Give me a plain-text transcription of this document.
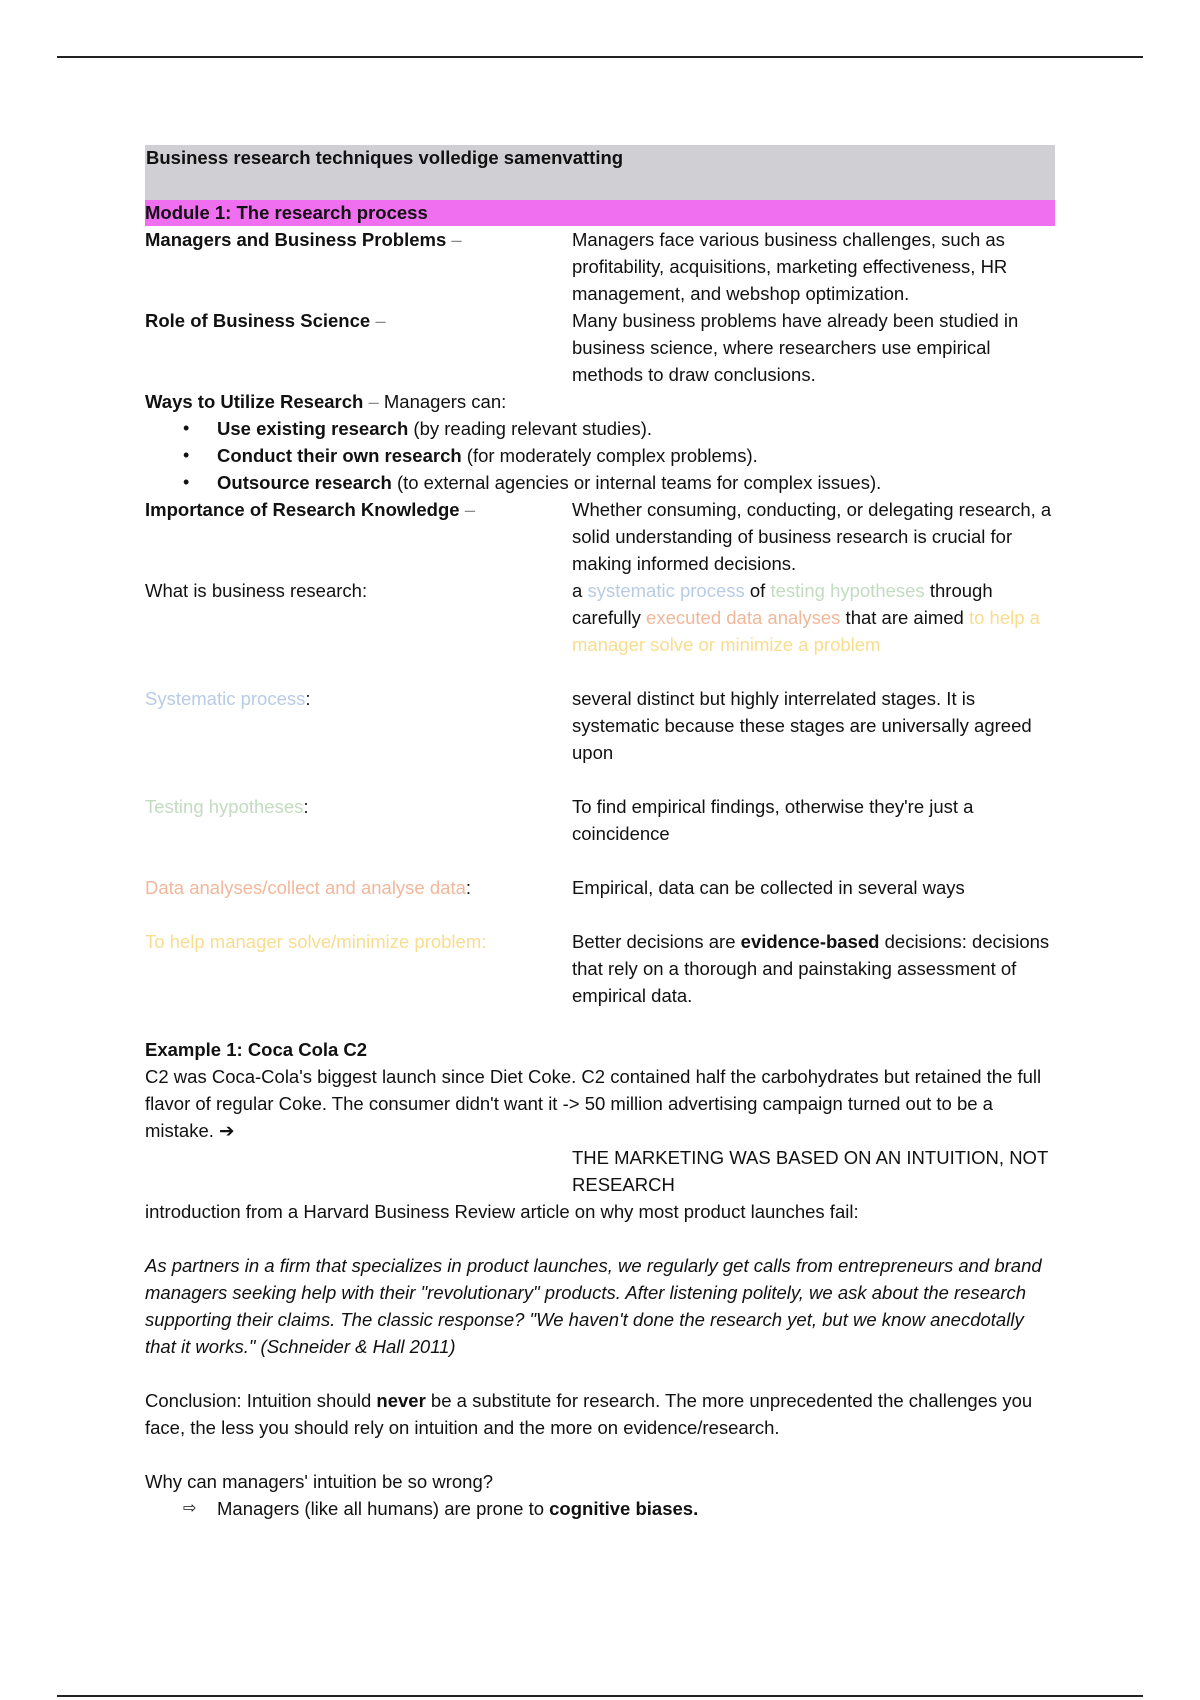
Business research techniques volledige samenvatting
Module 1: The research process
Managers and Business Problems –	Managers face various business challenges, such as profitability, acquisitions, marketing effectiveness, HR management, and webshop optimization.
Role of Business Science –	Many business problems have already been studied in business science, where researchers use empirical methods to draw conclusions.
Ways to Utilize Research – Managers can:
• Use existing research (by reading relevant studies).
• Conduct their own research (for moderately complex problems).
• Outsource research (to external agencies or internal teams for complex issues).
Importance of Research Knowledge –	Whether consuming, conducting, or delegating research, a solid understanding of business research is crucial for making informed decisions.
What is business research:	a systematic process of testing hypotheses through carefully executed data analyses that are aimed to help a manager solve or minimize a problem
Systematic process:	several distinct but highly interrelated stages. It is systematic because these stages are universally agreed upon
Testing hypotheses:	To find empirical findings, otherwise they're just a coincidence
Data analyses/collect and analyse data:	Empirical, data can be collected in several ways
To help manager solve/minimize problem:	Better decisions are evidence-based decisions: decisions that rely on a thorough and painstaking assessment of empirical data.
Example 1: Coca Cola C2
C2 was Coca-Cola's biggest launch since Diet Coke. C2 contained half the carbohydrates but retained the full flavor of regular Coke. The consumer didn't want it -> 50 million advertising campaign turned out to be a mistake. ➔
THE MARKETING WAS BASED ON AN INTUITION, NOT RESEARCH
introduction from a Harvard Business Review article on why most product launches fail:
As partners in a firm that specializes in product launches, we regularly get calls from entrepreneurs and brand managers seeking help with their "revolutionary" products. After listening politely, we ask about the research supporting their claims. The classic response? "We haven't done the research yet, but we know anecdotally that it works." (Schneider & Hall 2011)
Conclusion: Intuition should never be a substitute for research. The more unprecedented the challenges you face, the less you should rely on intuition and the more on evidence/research.
Why can managers' intuition be so wrong?
⇨ Managers (like all humans) are prone to cognitive biases.
